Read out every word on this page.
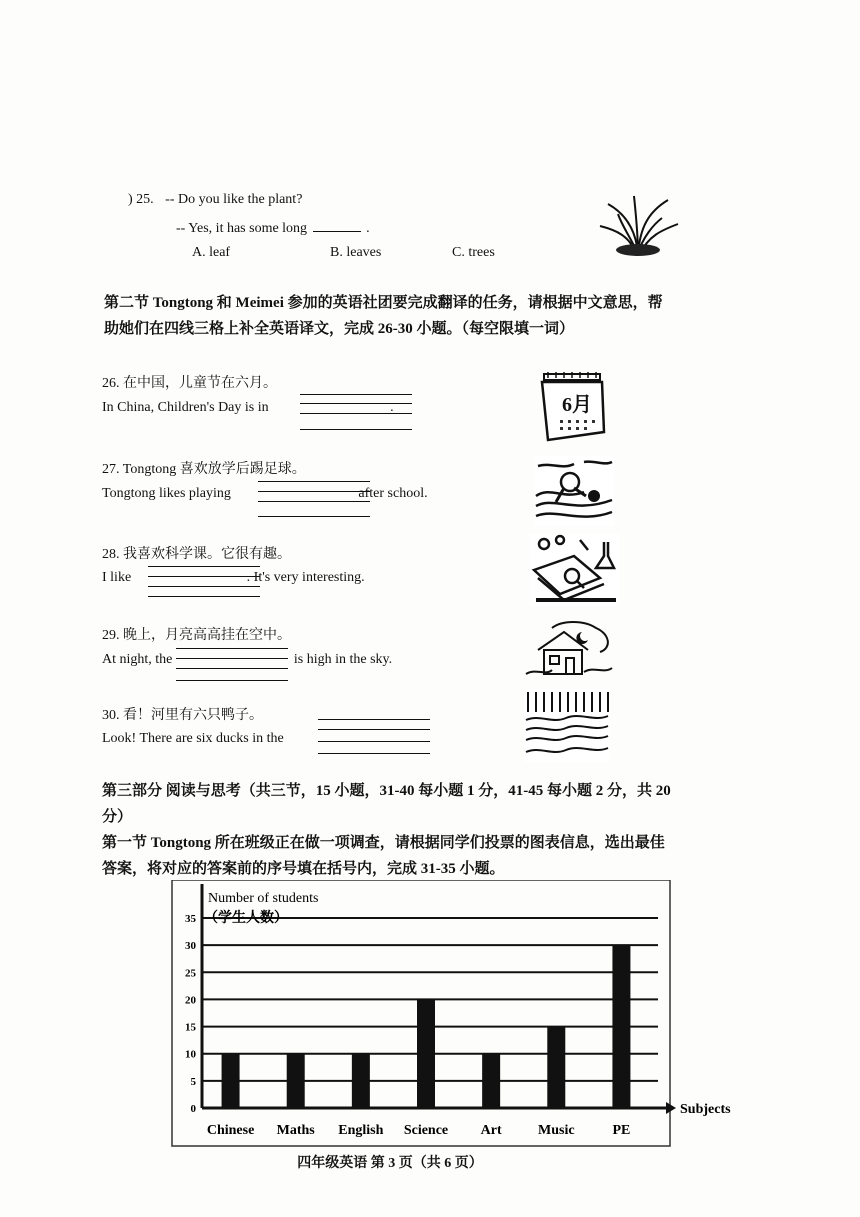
) 25. -- Do you like the plant?
-- Yes, it has some long	.
A. leaf	B. leaves	C. trees
第二节 Tongtong 和 Meimei 参加的英语社团要完成翻译的任务，请根据中文意思，帮
助她们在四线三格上补全英语译文，完成 26-30 小题。（每空限填一词）
26. 在中国，儿童节在六月。
In China, Children's Day is in	.	6月
27. Tongtong 喜欢放学后踢足球。
Tongtong likes playing	after school.
28. 我喜欢科学课。它很有趣。
I like	. It's very interesting.
29. 晚上，月亮高高挂在空中。
At night, the	is high in the sky.
30. 看！河里有六只鸭子。
Look! There are six ducks in the
第三部分 阅读与思考（共三节，15 小题，31-40 每小题 1 分，41-45 每小题 2 分，共 20
分）
第一节 Tongtong 所在班级正在做一项调查，请根据同学们投票的图表信息，选出最佳
答案，将对应的答案前的序号填在括号内，完成 31-35 小题。
0
5
10
15
20
25
30
35
Chinese Maths English Science Art	Music	PE
Number of students
（学生人数）
Subjects
四年级英语 第 3 页（共 6 页）
